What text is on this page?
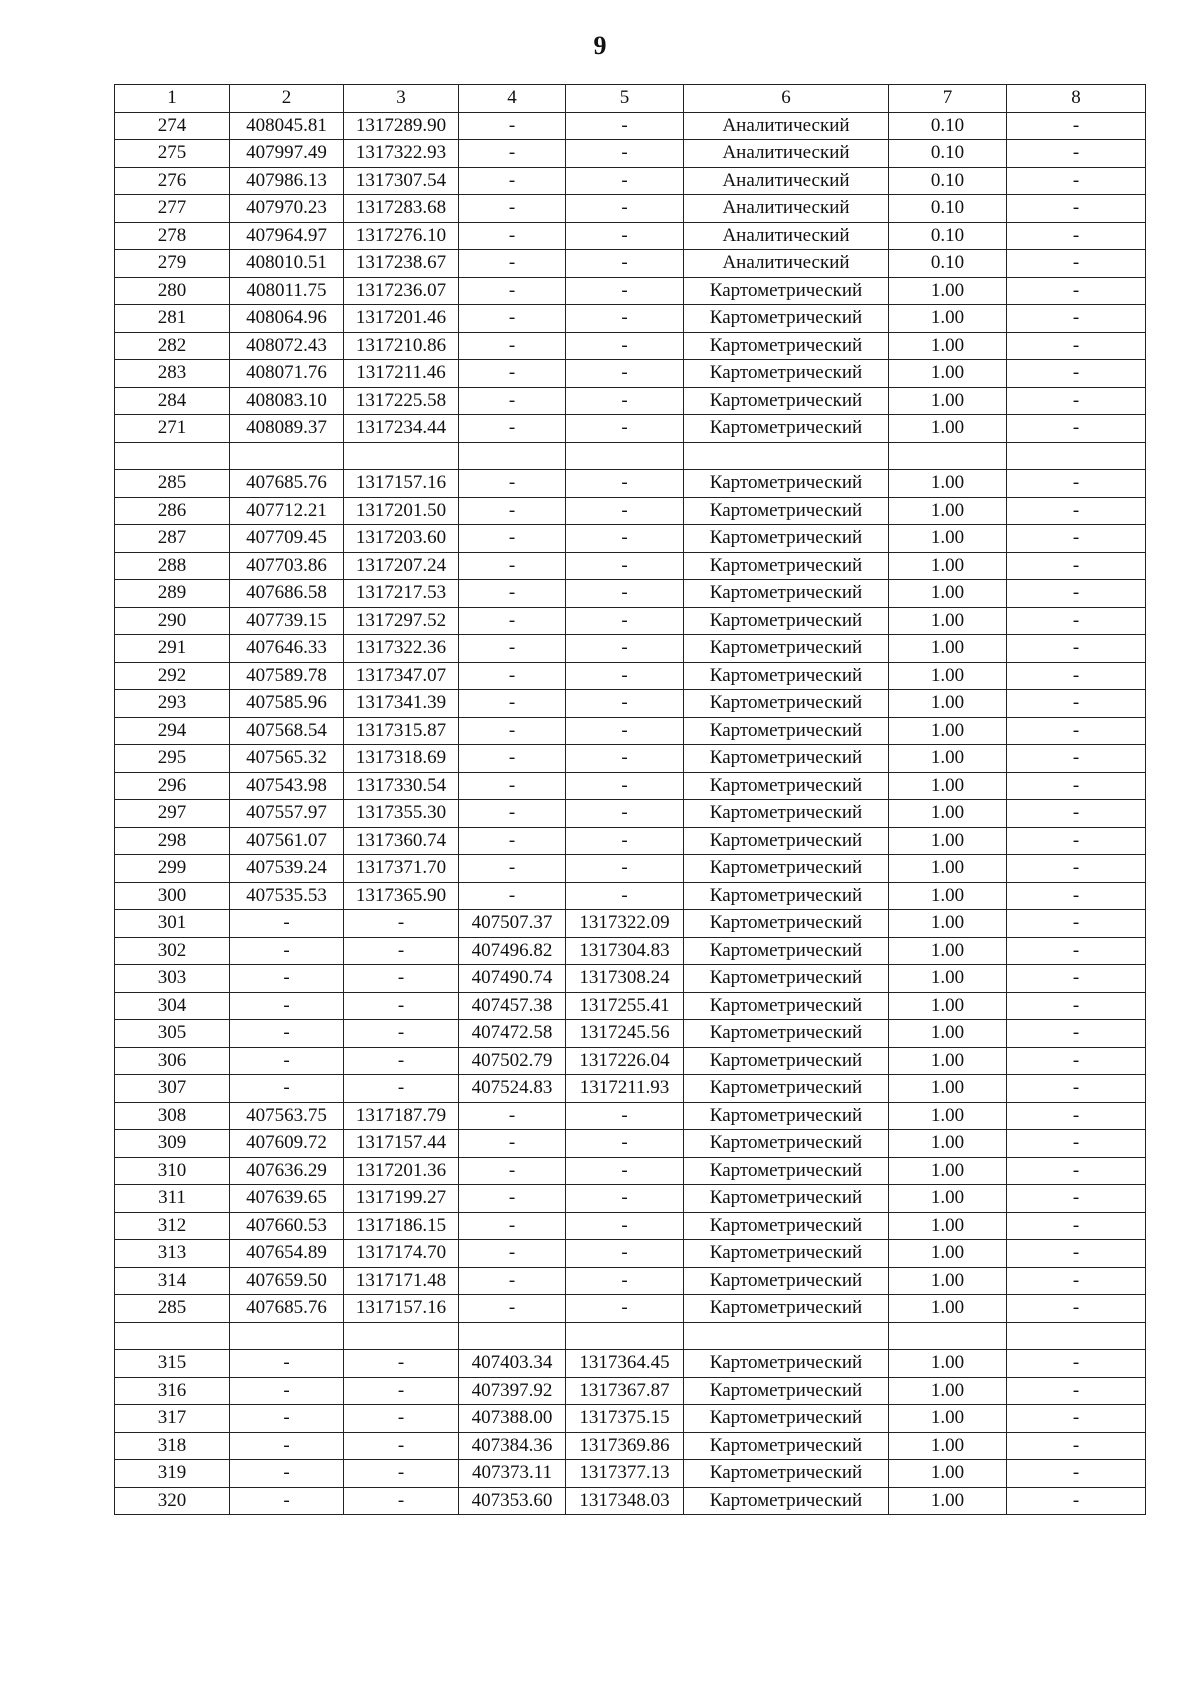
9
1	2	3	4	5	6	7	8
274	408045.81	1317289.90	-	-	Аналитический	0.10	-
275	407997.49	1317322.93	-	-	Аналитический	0.10	-
276	407986.13	1317307.54	-	-	Аналитический	0.10	-
277	407970.23	1317283.68	-	-	Аналитический	0.10	-
278	407964.97	1317276.10	-	-	Аналитический	0.10	-
279	408010.51	1317238.67	-	-	Аналитический	0.10	-
280	408011.75	1317236.07	-	-	Картометрический	1.00	-
281	408064.96	1317201.46	-	-	Картометрический	1.00	-
282	408072.43	1317210.86	-	-	Картометрический	1.00	-
283	408071.76	1317211.46	-	-	Картометрический	1.00	-
284	408083.10	1317225.58	-	-	Картометрический	1.00	-
271	408089.37	1317234.44	-	-	Картометрический	1.00	-

285	407685.76	1317157.16	-	-	Картометрический	1.00	-
286	407712.21	1317201.50	-	-	Картометрический	1.00	-
287	407709.45	1317203.60	-	-	Картометрический	1.00	-
288	407703.86	1317207.24	-	-	Картометрический	1.00	-
289	407686.58	1317217.53	-	-	Картометрический	1.00	-
290	407739.15	1317297.52	-	-	Картометрический	1.00	-
291	407646.33	1317322.36	-	-	Картометрический	1.00	-
292	407589.78	1317347.07	-	-	Картометрический	1.00	-
293	407585.96	1317341.39	-	-	Картометрический	1.00	-
294	407568.54	1317315.87	-	-	Картометрический	1.00	-
295	407565.32	1317318.69	-	-	Картометрический	1.00	-
296	407543.98	1317330.54	-	-	Картометрический	1.00	-
297	407557.97	1317355.30	-	-	Картометрический	1.00	-
298	407561.07	1317360.74	-	-	Картометрический	1.00	-
299	407539.24	1317371.70	-	-	Картометрический	1.00	-
300	407535.53	1317365.90	-	-	Картометрический	1.00	-
301	-	-	407507.37	1317322.09	Картометрический	1.00	-
302	-	-	407496.82	1317304.83	Картометрический	1.00	-
303	-	-	407490.74	1317308.24	Картометрический	1.00	-
304	-	-	407457.38	1317255.41	Картометрический	1.00	-
305	-	-	407472.58	1317245.56	Картометрический	1.00	-
306	-	-	407502.79	1317226.04	Картометрический	1.00	-
307	-	-	407524.83	1317211.93	Картометрический	1.00	-
308	407563.75	1317187.79	-	-	Картометрический	1.00	-
309	407609.72	1317157.44	-	-	Картометрический	1.00	-
310	407636.29	1317201.36	-	-	Картометрический	1.00	-
311	407639.65	1317199.27	-	-	Картометрический	1.00	-
312	407660.53	1317186.15	-	-	Картометрический	1.00	-
313	407654.89	1317174.70	-	-	Картометрический	1.00	-
314	407659.50	1317171.48	-	-	Картометрический	1.00	-
285	407685.76	1317157.16	-	-	Картометрический	1.00	-

315	-	-	407403.34	1317364.45	Картометрический	1.00	-
316	-	-	407397.92	1317367.87	Картометрический	1.00	-
317	-	-	407388.00	1317375.15	Картометрический	1.00	-
318	-	-	407384.36	1317369.86	Картометрический	1.00	-
319	-	-	407373.11	1317377.13	Картометрический	1.00	-
320	-	-	407353.60	1317348.03	Картометрический	1.00	-
